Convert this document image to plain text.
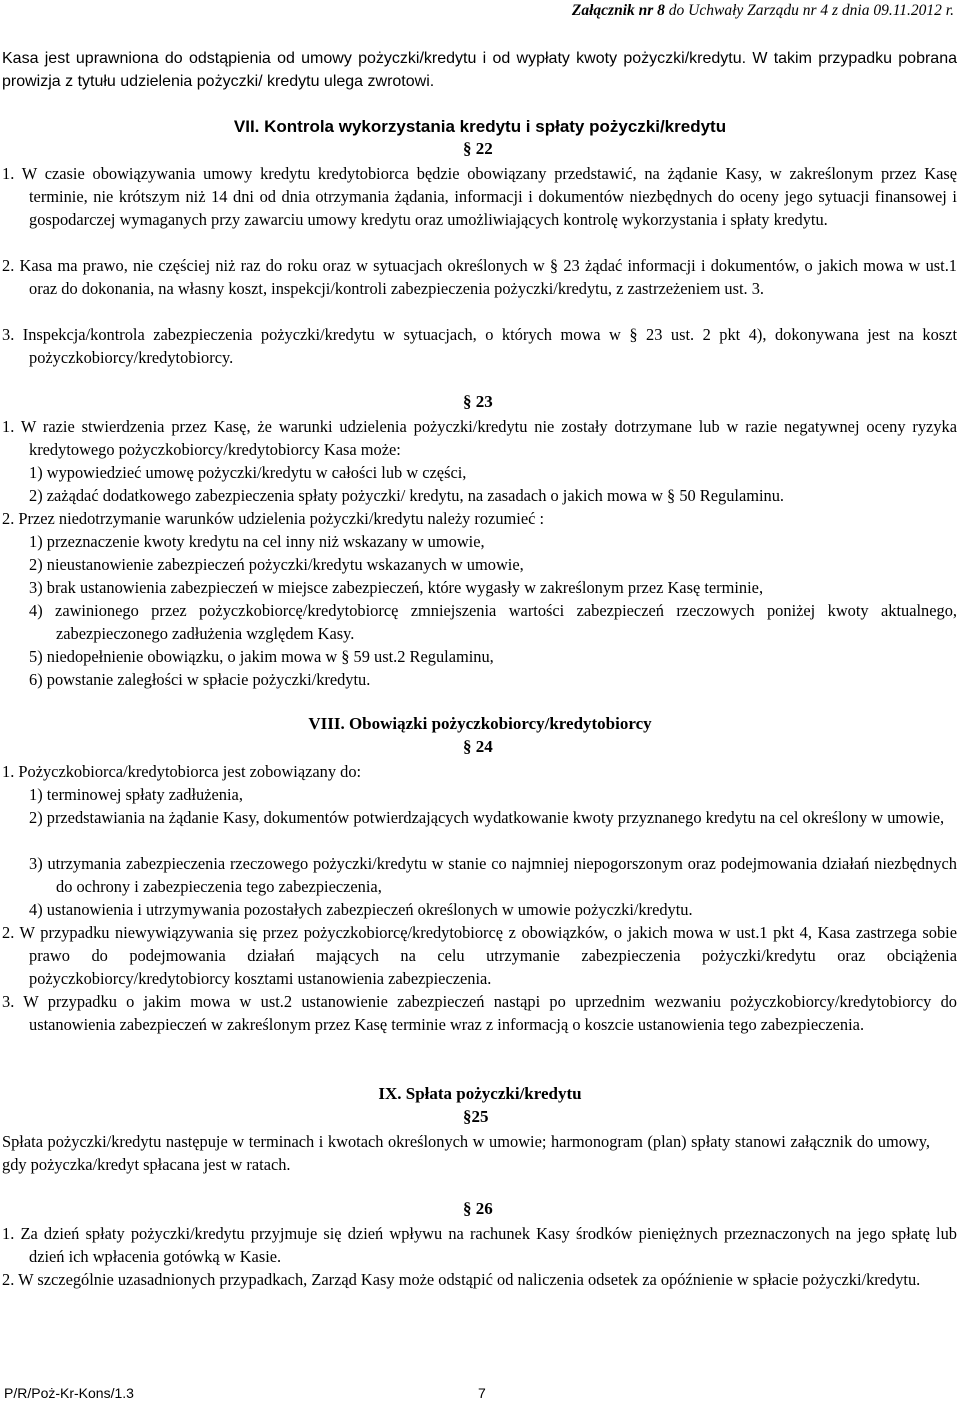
Załącznik nr 8 do Uchwały Zarządu nr 4 z dnia 09.11.2012 r.
Kasa jest uprawniona do odstąpienia od umowy pożyczki/kredytu i od wypłaty kwoty pożyczki/kredytu. W takim przypadku pobrana prowizja z tytułu udzielenia pożyczki/ kredytu ulega zwrotowi.
VII. Kontrola wykorzystania kredytu i spłaty pożyczki/kredytu
§ 22
1. W czasie obowiązywania umowy kredytu kredytobiorca będzie obowiązany przedstawić, na żądanie Kasy, w zakreślonym przez Kasę terminie, nie krótszym niż 14 dni od dnia otrzymania żądania, informacji i dokumentów niezbędnych do oceny jego sytuacji finansowej i gospodarczej wymaganych przy zawarciu umowy kredytu oraz umożliwiających kontrolę wykorzystania i spłaty kredytu.
2. Kasa ma prawo, nie częściej niż raz do roku oraz w sytuacjach określonych w § 23 żądać informacji i dokumentów, o jakich mowa w ust.1 oraz do dokonania, na własny koszt, inspekcji/kontroli zabezpieczenia pożyczki/kredytu, z zastrzeżeniem ust. 3.
3. Inspekcja/kontrola zabezpieczenia pożyczki/kredytu w sytuacjach, o których mowa w § 23 ust. 2 pkt 4), dokonywana jest na koszt pożyczkobiorcy/kredytobiorcy.
§ 23
1. W razie stwierdzenia przez Kasę, że warunki udzielenia pożyczki/kredytu nie zostały dotrzymane lub w razie negatywnej oceny ryzyka kredytowego pożyczkobiorcy/kredytobiorcy Kasa może:
1) wypowiedzieć umowę pożyczki/kredytu w całości lub w części,
2) zażądać dodatkowego zabezpieczenia spłaty pożyczki/ kredytu, na zasadach o jakich mowa w § 50 Regulaminu.
2. Przez niedotrzymanie warunków udzielenia pożyczki/kredytu należy rozumieć :
1) przeznaczenie kwoty kredytu na cel inny niż wskazany w umowie,
2) nieustanowienie zabezpieczeń pożyczki/kredytu wskazanych w umowie,
3) brak ustanowienia zabezpieczeń w miejsce zabezpieczeń, które wygasły w zakreślonym przez Kasę terminie,
4) zawinionego przez pożyczkobiorcę/kredytobiorcę zmniejszenia wartości zabezpieczeń rzeczowych poniżej kwoty aktualnego, zabezpieczonego zadłużenia względem Kasy.
5) niedopełnienie obowiązku, o jakim mowa w § 59 ust.2 Regulaminu,
6) powstanie zaległości w spłacie pożyczki/kredytu.
VIII. Obowiązki pożyczkobiorcy/kredytobiorcy
§ 24
1. Pożyczkobiorca/kredytobiorca jest zobowiązany do:
1) terminowej spłaty zadłużenia,
2) przedstawiania na żądanie Kasy, dokumentów potwierdzających wydatkowanie kwoty przyznanego kredytu na cel określony w umowie,
3) utrzymania zabezpieczenia rzeczowego pożyczki/kredytu w stanie co najmniej niepogorszonym oraz podejmowania działań niezbędnych do ochrony i zabezpieczenia tego zabezpieczenia,
4) ustanowienia i utrzymywania pozostałych zabezpieczeń określonych w umowie pożyczki/kredytu.
2. W przypadku niewywiązywania się przez pożyczkobiorcę/kredytobiorcę z obowiązków, o jakich mowa w ust.1 pkt 4, Kasa zastrzega sobie prawo do podejmowania działań mających na celu utrzymanie zabezpieczenia pożyczki/kredytu oraz obciążenia pożyczkobiorcy/kredytobiorcy kosztami ustanowienia zabezpieczenia.
3. W przypadku o jakim mowa w ust.2 ustanowienie zabezpieczeń nastąpi po uprzednim wezwaniu pożyczkobiorcy/kredytobiorcy do ustanowienia zabezpieczeń w zakreślonym przez Kasę terminie wraz z informacją o koszcie ustanowienia tego zabezpieczenia.
IX. Spłata pożyczki/kredytu
§25
Spłata pożyczki/kredytu następuje w terminach i kwotach określonych w umowie; harmonogram (plan) spłaty stanowi załącznik do umowy, gdy pożyczka/kredyt spłacana jest w ratach.
§ 26
1. Za dzień spłaty pożyczki/kredytu przyjmuje się dzień wpływu na rachunek Kasy środków pieniężnych przeznaczonych na jego spłatę lub dzień ich wpłacenia gotówką w Kasie.
2. W szczególnie uzasadnionych przypadkach, Zarząd Kasy może odstąpić od naliczenia odsetek za opóźnienie w spłacie pożyczki/kredytu.
P/R/Poż-Kr-Kons/1.3	7
